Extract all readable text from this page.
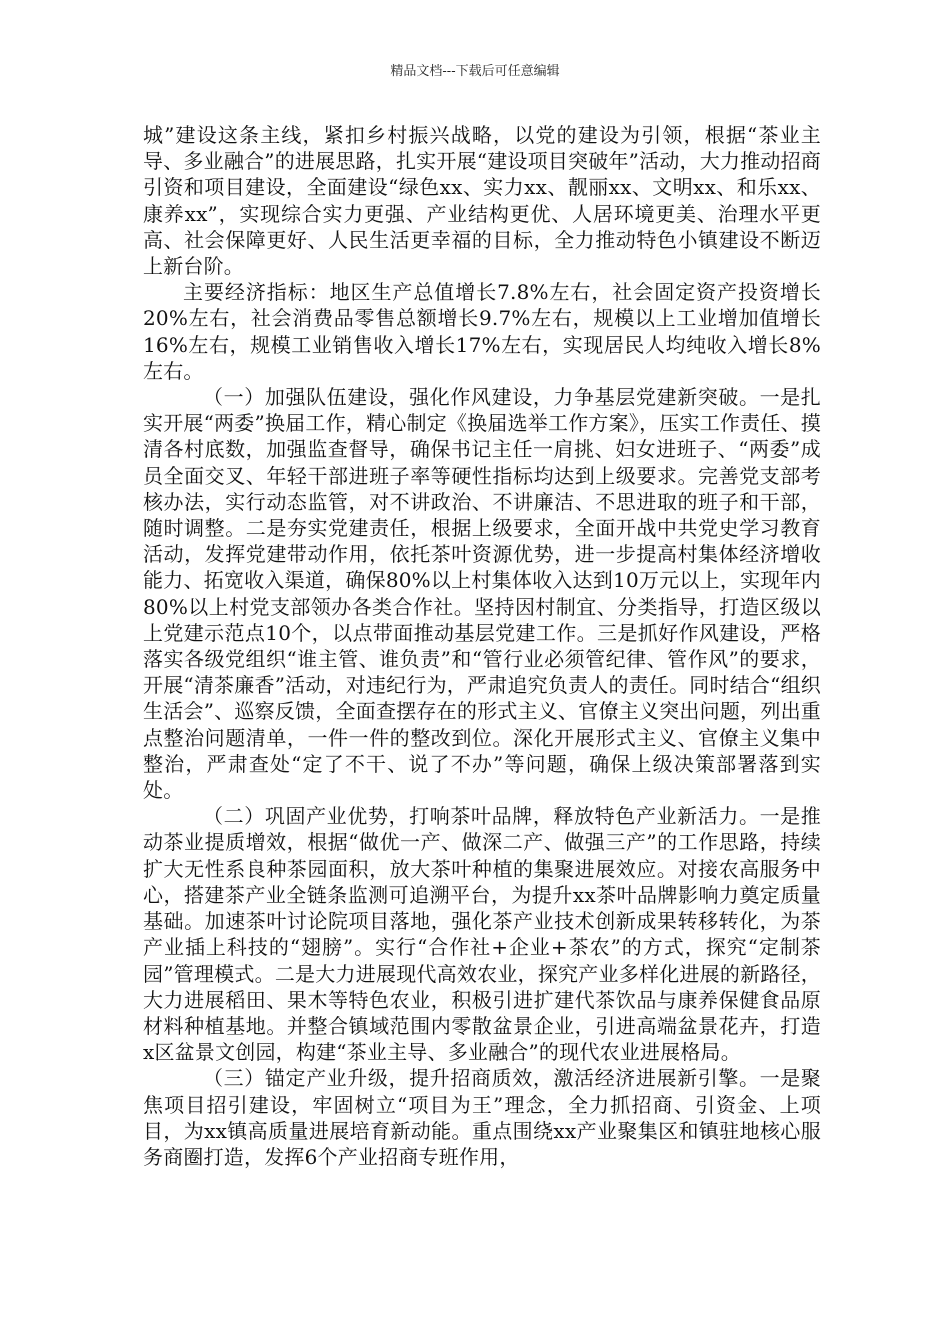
精品文档---下载后可任意编辑

城”建设这条主线，紧扣乡村振兴战略，以党的建设为引领，根据“茶业主导、多业融合”的进展思路，扎实开展“建设项目突破年”活动，大力推动招商引资和项目建设，全面建设“绿色xx、实力xx、靓丽xx、文明xx、和乐xx、康养xx”，实现综合实力更强、产业结构更优、人居环境更美、治理水平更高、社会保障更好、人民生活更幸福的目标，全力推动特色小镇建设不断迈上新台阶。

主要经济指标：地区生产总值增长7.8%左右，社会固定资产投资增长20%左右，社会消费品零售总额增长9.7%左右，规模以上工业增加值增长16%左右，规模工业销售收入增长17%左右，实现居民人均纯收入增长8%左右。

（一）加强队伍建设，强化作风建设，力争基层党建新突破。一是扎实开展“两委”换届工作，精心制定《换届选举工作方案》，压实工作责任、摸清各村底数，加强监查督导，确保书记主任一肩挑、妇女进班子、“两委”成员全面交叉、年轻干部进班子率等硬性指标均达到上级要求。完善党支部考核办法，实行动态监管，对不讲政治、不讲廉洁、不思进取的班子和干部，随时调整。二是夯实党建责任，根据上级要求，全面开战中共党史学习教育活动，发挥党建带动作用，依托茶叶资源优势，进一步提高村集体经济增收能力、拓宽收入渠道，确保80%以上村集体收入达到10万元以上，实现年内80%以上村党支部领办各类合作社。坚持因村制宜、分类指导，打造区级以上党建示范点10个，以点带面推动基层党建工作。三是抓好作风建设，严格落实各级党组织“谁主管、谁负责”和“管行业必须管纪律、管作风”的要求，开展“清茶廉香”活动，对违纪行为，严肃追究负责人的责任。同时结合“组织生活会”、巡察反馈，全面查摆存在的形式主义、官僚主义突出问题，列出重点整治问题清单，一件一件的整改到位。深化开展形式主义、官僚主义集中整治，严肃查处“定了不干、说了不办”等问题，确保上级决策部署落到实处。

（二）巩固产业优势，打响茶叶品牌，释放特色产业新活力。一是推动茶业提质增效，根据“做优一产、做深二产、做强三产”的工作思路，持续扩大无性系良种茶园面积，放大茶叶种植的集聚进展效应。对接农高服务中心，搭建茶产业全链条监测可追溯平台，为提升xx茶叶品牌影响力奠定质量基础。加速茶叶讨论院项目落地，强化茶产业技术创新成果转移转化，为茶产业插上科技的“翅膀”。实行“合作社+企业+茶农”的方式，探究“定制茶园”管理模式。二是大力进展现代高效农业，探究产业多样化进展的新路径，大力进展稻田、果木等特色农业，积极引进扩建代茶饮品与康养保健食品原材料种植基地。并整合镇域范围内零散盆景企业，引进高端盆景花卉，打造x区盆景文创园，构建“茶业主导、多业融合”的现代农业进展格局。

（三）锚定产业升级，提升招商质效，激活经济进展新引擎。一是聚焦项目招引建设，牢固树立“项目为王”理念，全力抓招商、引资金、上项目，为xx镇高质量进展培育新动能。重点围绕xx产业聚集区和镇驻地核心服务商圈打造，发挥6个产业招商专班作用，
